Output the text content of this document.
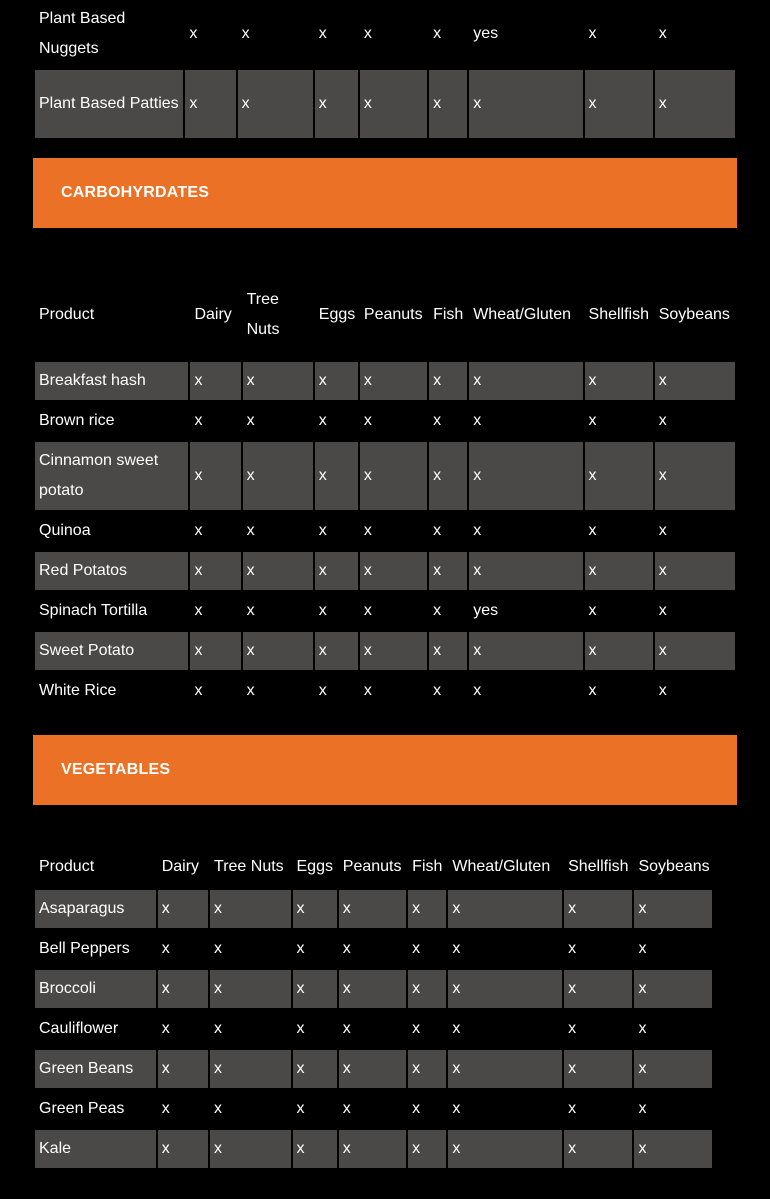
Plant Based Nuggets	x	x	x	x	x	yes	x	x
Plant Based Patties	x	x	x	x	x	x	x	x
CARBOHYRDATES
Product	Dairy	Tree Nuts	Eggs	Peanuts	Fish	Wheat/Gluten	Shellfish	Soybeans
Breakfast hash	x	x	x	x	x	x	x	x
Brown rice	x	x	x	x	x	x	x	x
Cinnamon sweet potato	x	x	x	x	x	x	x	x
Quinoa	x	x	x	x	x	x	x	x
Red Potatos	x	x	x	x	x	x	x	x
Spinach Tortilla	x	x	x	x	x	yes	x	x
Sweet Potato	x	x	x	x	x	x	x	x
White Rice	x	x	x	x	x	x	x	x
VEGETABLES
Product	Dairy	Tree Nuts	Eggs	Peanuts	Fish	Wheat/Gluten	Shellfish	Soybeans
Asaparagus	x	x	x	x	x	x	x	x
Bell Peppers	x	x	x	x	x	x	x	x
Broccoli	x	x	x	x	x	x	x	x
Cauliflower	x	x	x	x	x	x	x	x
Green Beans	x	x	x	x	x	x	x	x
Green Peas	x	x	x	x	x	x	x	x
Kale	x	x	x	x	x	x	x	x
